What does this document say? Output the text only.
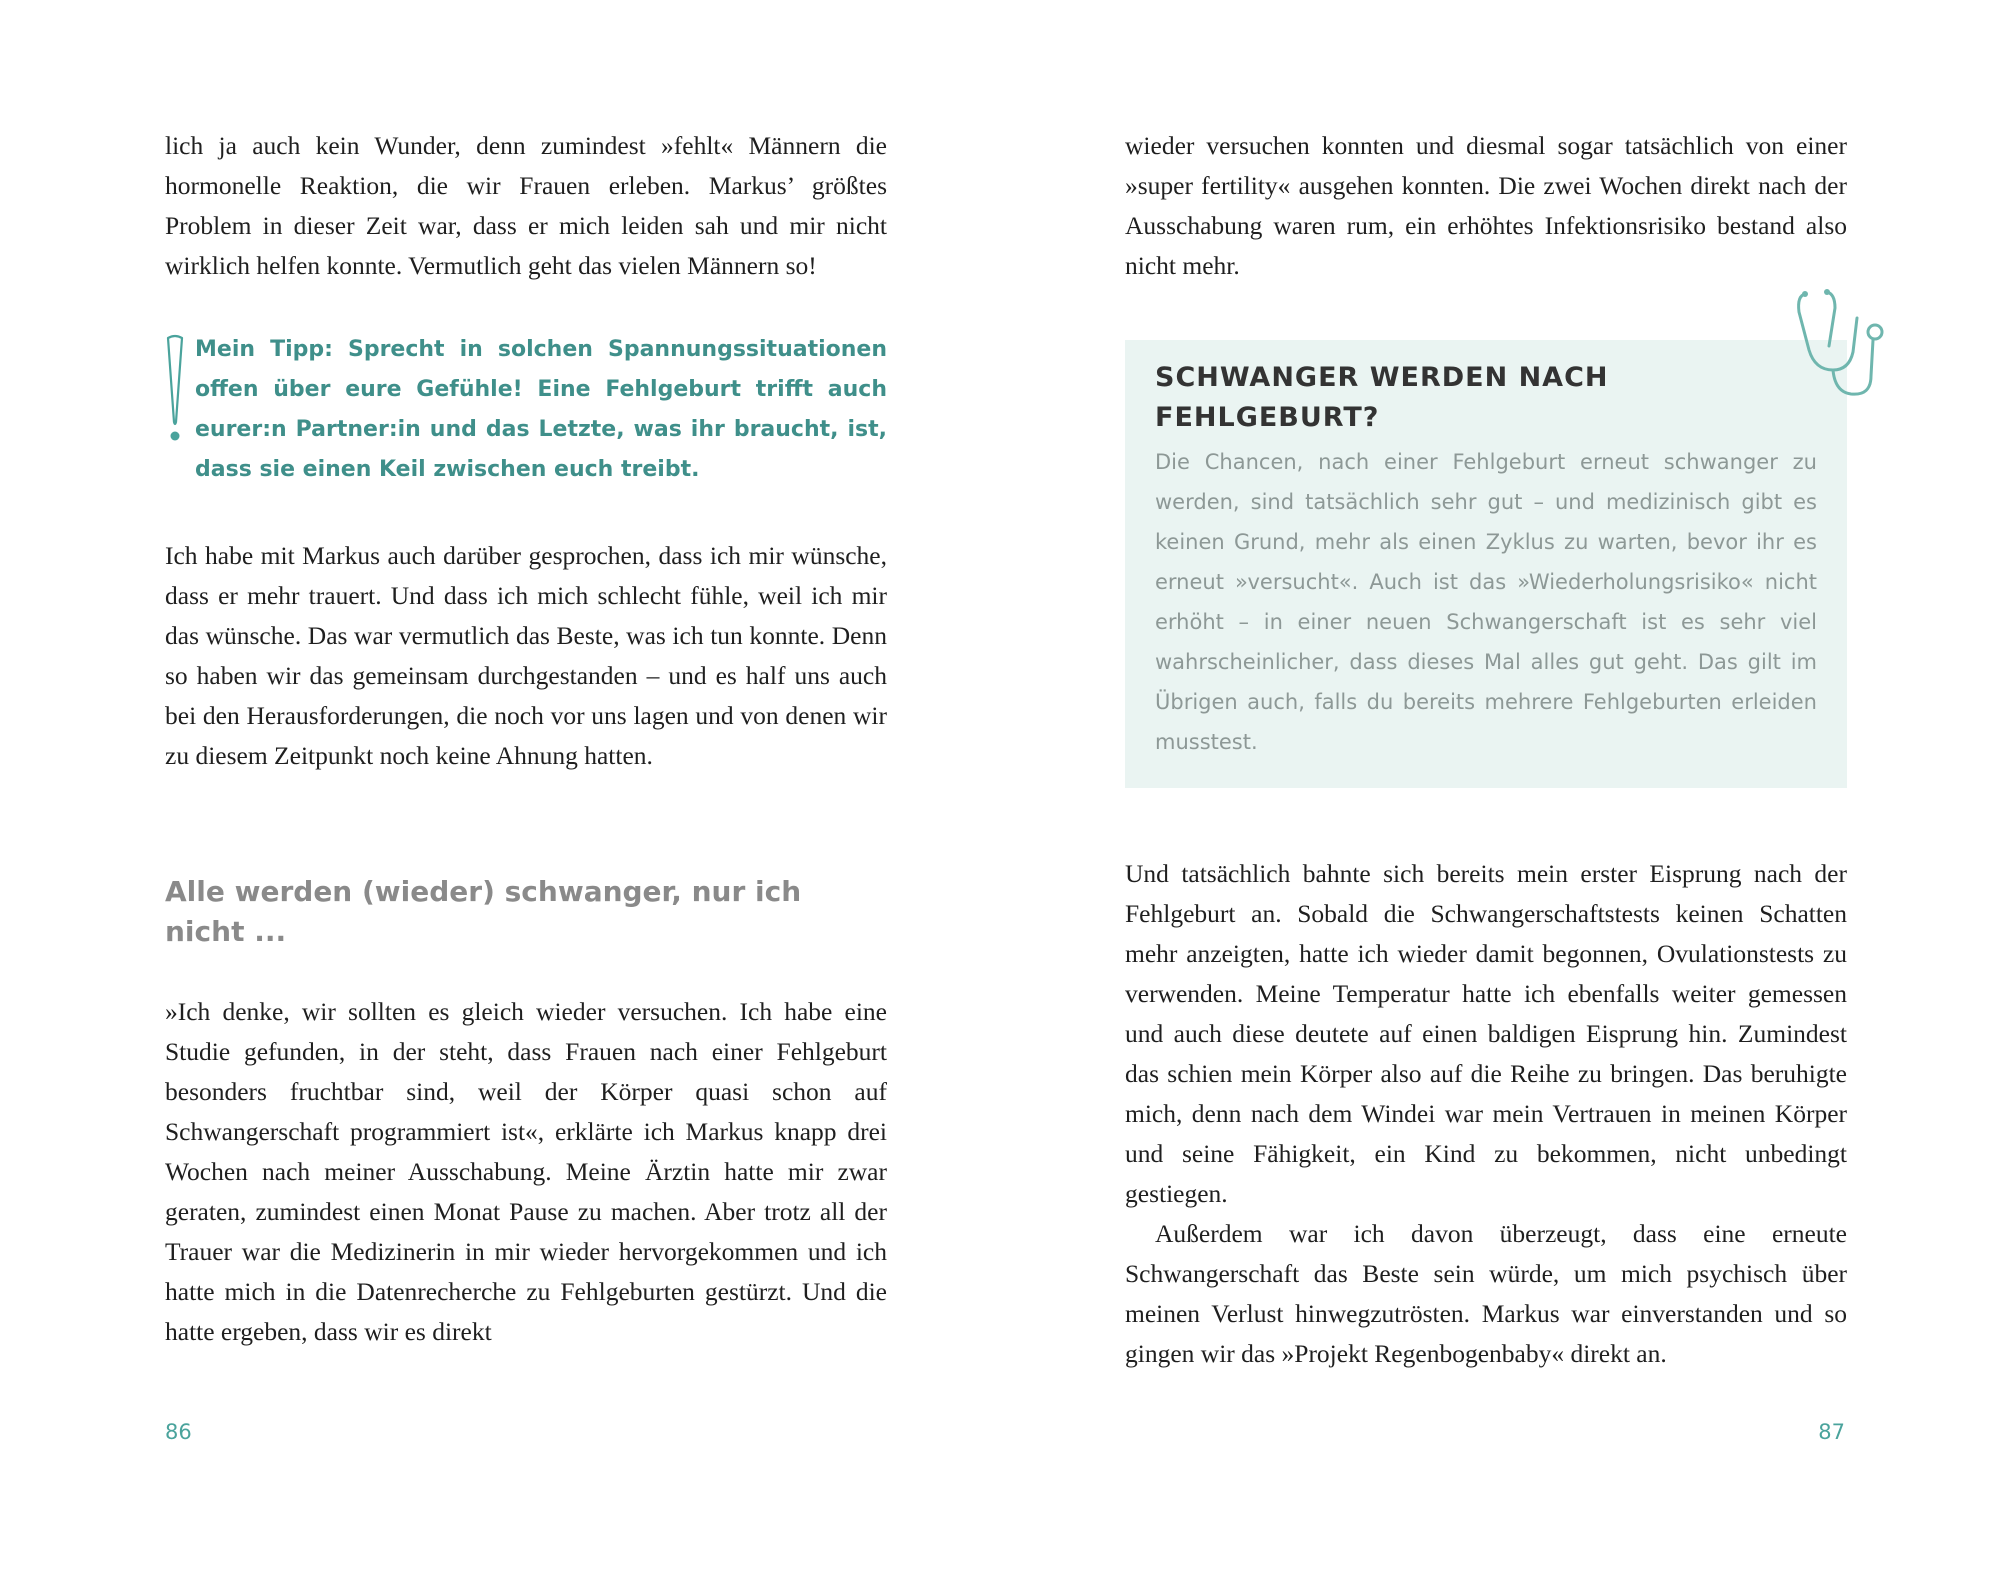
lich ja auch kein Wunder, denn zumindest »fehlt« Männern die hormonelle Reaktion, die wir Frauen erleben. Markus’ größtes Problem in dieser Zeit war, dass er mich leiden sah und mir nicht wirklich helfen konnte. Vermutlich geht das vielen Männern so!

Mein Tipp: Sprecht in solchen Spannungssituationen offen über eure Gefühle! Eine Fehlgeburt trifft auch eurer:n Partner:in und das Letzte, was ihr braucht, ist, dass sie einen Keil zwischen euch treibt.

Ich habe mit Markus auch darüber gesprochen, dass ich mir wünsche, dass er mehr trauert. Und dass ich mich schlecht fühle, weil ich mir das wünsche. Das war vermutlich das Beste, was ich tun konnte. Denn so haben wir das gemeinsam durchgestanden – und es half uns auch bei den Herausforderungen, die noch vor uns lagen und von denen wir zu diesem Zeitpunkt noch keine Ahnung hatten.

Alle werden (wieder) schwanger, nur ich nicht ...

»Ich denke, wir sollten es gleich wieder versuchen. Ich habe eine Studie gefunden, in der steht, dass Frauen nach einer Fehlgeburt besonders fruchtbar sind, weil der Körper quasi schon auf Schwangerschaft programmiert ist«, erklärte ich Markus knapp drei Wochen nach meiner Ausschabung. Meine Ärztin hatte mir zwar geraten, zumindest einen Monat Pause zu machen. Aber trotz all der Trauer war die Medizinerin in mir wieder hervorgekommen und ich hatte mich in die Datenrecherche zu Fehlgeburten gestürzt. Und die hatte ergeben, dass wir es direkt

86

wieder versuchen konnten und diesmal sogar tatsächlich von einer »super fertility« ausgehen konnten. Die zwei Wochen direkt nach der Ausschabung waren rum, ein erhöhtes Infektionsrisiko bestand also nicht mehr.

SCHWANGER WERDEN NACH FEHLGEBURT?

Die Chancen, nach einer Fehlgeburt erneut schwanger zu werden, sind tatsächlich sehr gut – und medizinisch gibt es keinen Grund, mehr als einen Zyklus zu warten, bevor ihr es erneut »versucht«. Auch ist das »Wiederholungsrisiko« nicht erhöht – in einer neuen Schwangerschaft ist es sehr viel wahrscheinlicher, dass dieses Mal alles gut geht. Das gilt im Übrigen auch, falls du bereits mehrere Fehlgeburten erleiden musstest.

Und tatsächlich bahnte sich bereits mein erster Eisprung nach der Fehlgeburt an. Sobald die Schwangerschaftstests keinen Schatten mehr anzeigten, hatte ich wieder damit begonnen, Ovulationstests zu verwenden. Meine Temperatur hatte ich ebenfalls weiter gemessen und auch diese deutete auf einen baldigen Eisprung hin. Zumindest das schien mein Körper also auf die Reihe zu bringen. Das beruhigte mich, denn nach dem Windei war mein Vertrauen in meinen Körper und seine Fähigkeit, ein Kind zu bekommen, nicht unbedingt gestiegen.

Außerdem war ich davon überzeugt, dass eine erneute Schwangerschaft das Beste sein würde, um mich psychisch über meinen Verlust hinwegzutrösten. Markus war einverstanden und so gingen wir das »Projekt Regenbogenbaby« direkt an.

87
